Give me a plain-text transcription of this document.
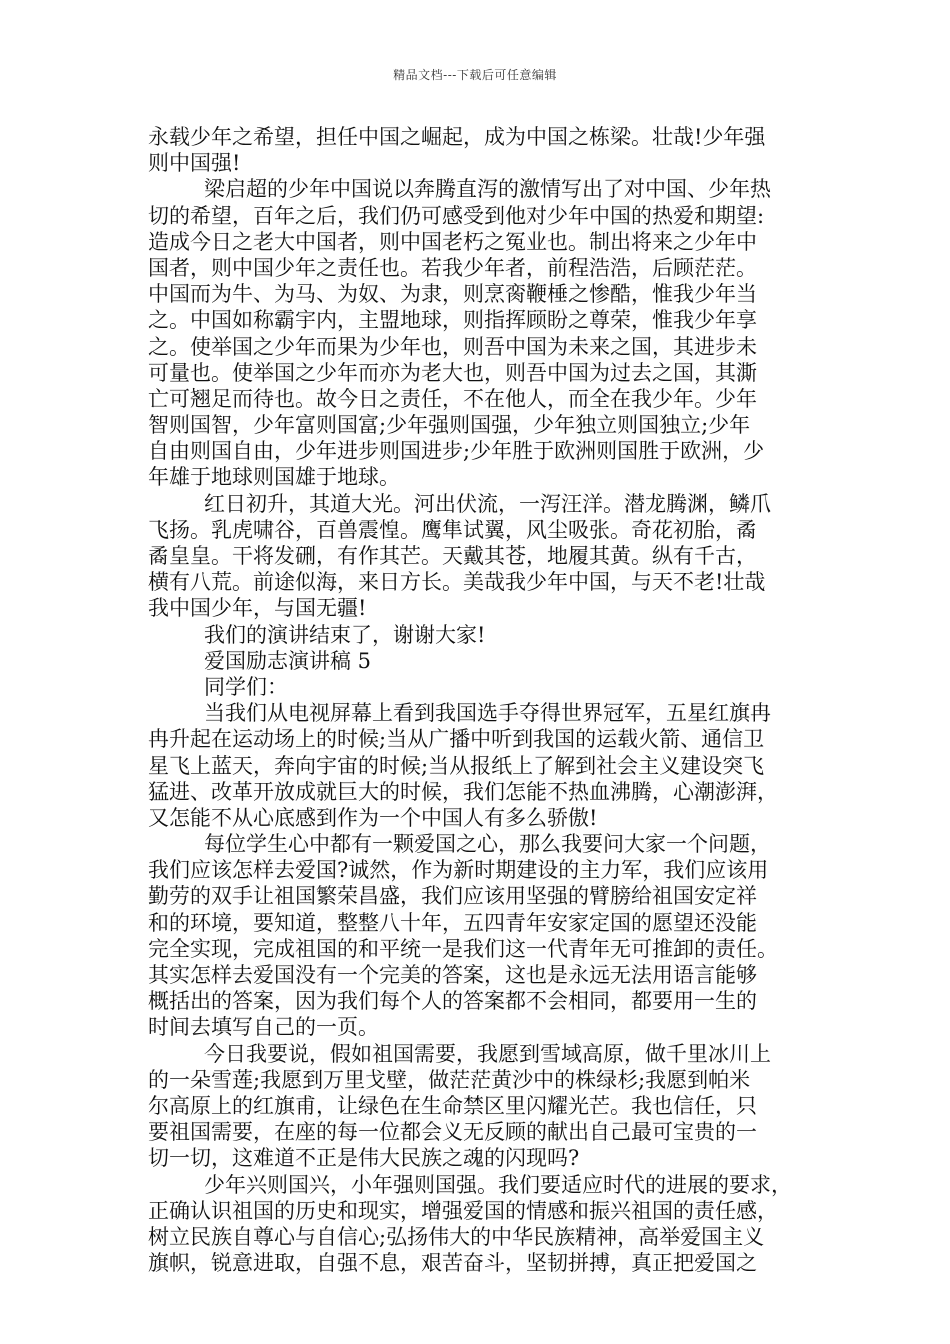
精品文档---下载后可任意编辑
永载少年之希望，担任中国之崛起，成为中国之栋梁。壮哉!少年强
则中国强!
梁启超的少年中国说以奔腾直泻的激情写出了对中国、少年热
切的希望，百年之后，我们仍可感受到他对少年中国的热爱和期望:
造成今日之老大中国者，则中国老朽之冤业也。制出将来之少年中
国者，则中国少年之责任也。若我少年者，前程浩浩，后顾茫茫。
中国而为牛、为马、为奴、为隶，则烹脔鞭棰之惨酷，惟我少年当
之。中国如称霸宇内，主盟地球，则指挥顾盼之尊荣，惟我少年享
之。使举国之少年而果为少年也，则吾中国为未来之国，其进步未
可量也。使举国之少年而亦为老大也，则吾中国为过去之国，其澌
亡可翘足而待也。故今日之责任，不在他人，而全在我少年。少年
智则国智，少年富则国富;少年强则国强，少年独立则国独立;少年
自由则国自由，少年进步则国进步;少年胜于欧洲则国胜于欧洲，少
年雄于地球则国雄于地球。
红日初升，其道大光。河出伏流，一泻汪洋。潜龙腾渊，鳞爪
飞扬。乳虎啸谷，百兽震惶。鹰隼试翼，风尘吸张。奇花初胎，矞
矞皇皇。干将发硎，有作其芒。天戴其苍，地履其黄。纵有千古，
横有八荒。前途似海，来日方长。美哉我少年中国，与天不老!壮哉
我中国少年，与国无疆!
我们的演讲结束了，谢谢大家!
爱国励志演讲稿 5
同学们：
当我们从电视屏幕上看到我国选手夺得世界冠军，五星红旗冉
冉升起在运动场上的时候;当从广播中听到我国的运载火箭、通信卫
星飞上蓝天，奔向宇宙的时候;当从报纸上了解到社会主义建设突飞
猛进、改革开放成就巨大的时候，我们怎能不热血沸腾，心潮澎湃，
又怎能不从心底感到作为一个中国人有多么骄傲!
每位学生心中都有一颗爱国之心，那么我要问大家一个问题，
我们应该怎样去爱国?诚然，作为新时期建设的主力军，我们应该用
勤劳的双手让祖国繁荣昌盛，我们应该用坚强的臂膀给祖国安定祥
和的环境，要知道，整整八十年，五四青年安家定国的愿望还没能
完全实现，完成祖国的和平统一是我们这一代青年无可推卸的责任。
其实怎样去爱国没有一个完美的答案，这也是永远无法用语言能够
概括出的答案，因为我们每个人的答案都不会相同，都要用一生的
时间去填写自己的一页。
今日我要说，假如祖国需要，我愿到雪域高原，做千里冰川上
的一朵雪莲;我愿到万里戈壁，做茫茫黄沙中的株绿杉;我愿到帕米
尔高原上的红旗甫，让绿色在生命禁区里闪耀光芒。我也信任，只
要祖国需要，在座的每一位都会义无反顾的献出自己最可宝贵的一
切一切，这难道不正是伟大民族之魂的闪现吗?
少年兴则国兴，小年强则国强。我们要适应时代的进展的要求，
正确认识祖国的历史和现实，增强爱国的情感和振兴祖国的责任感，
树立民族自尊心与自信心;弘扬伟大的中华民族精神，高举爱国主义
旗帜，锐意进取，自强不息，艰苦奋斗，坚韧拼搏，真正把爱国之
